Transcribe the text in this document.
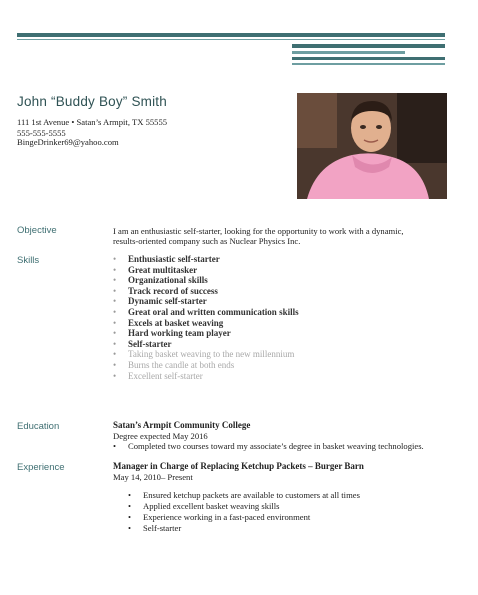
John “Buddy Boy” Smith
111 1st Avenue • Satan’s Armpit, TX 55555
555-555-5555
BingeDrinker69@yahoo.com
Objective	I am an enthusiastic self-starter, looking for the opportunity to work with a dynamic,
results-oriented company such as Nuclear Physics Inc.
Skills	• Enthusiastic self-starter
• Great multitasker
• Organizational skills
• Track record of success
• Dynamic self-starter
• Great oral and written communication skills
• Excels at basket weaving
• Hard working team player
• Self-starter
• Taking basket weaving to the new millennium
• Burns the candle at both ends
• Excellent self-starter
Education	Satan’s Armpit Community College
Degree expected May 2016
• Completed two courses toward my associate’s degree in basket weaving technologies.
Experience	Manager in Charge of Replacing Ketchup Packets – Burger Barn
May 14, 2010– Present
• Ensured ketchup packets are available to customers at all times
• Applied excellent basket weaving skills
• Experience working in a fast-paced environment
• Self-starter
